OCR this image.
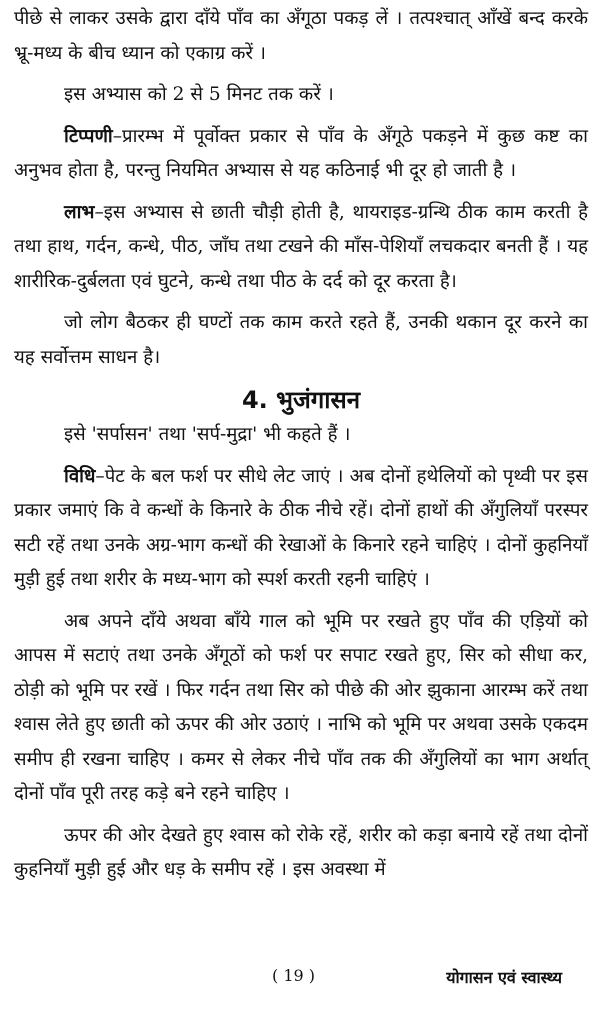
पीछे से लाकर उसके द्वारा दाँये पाँव का अँगूठा पकड़ लें । तत्पश्चात् आँखें बन्द करके भ्रू-मध्य के बीच ध्यान को एकाग्र करें ।

इस अभ्यास को 2 से 5 मिनट तक करें ।

टिप्पणी–प्रारम्भ में पूर्वोक्त प्रकार से पाँव के अँगूठे पकड़ने में कुछ कष्ट का अनुभव होता है, परन्तु नियमित अभ्यास से यह कठिनाई भी दूर हो जाती है ।

लाभ–इस अभ्यास से छाती चौड़ी होती है, थायराइड-ग्रन्थि ठीक काम करती है तथा हाथ, गर्दन, कन्धे, पीठ, जाँघ तथा टखने की माँस-पेशियाँ लचकदार बनती हैं । यह शारीरिक-दुर्बलता एवं घुटने, कन्धे तथा पीठ के दर्द को दूर करता है।

जो लोग बैठकर ही घण्टों तक काम करते रहते हैं, उनकी थकान दूर करने का यह सर्वोत्तम साधन है।

4. भुजंगासन

इसे 'सर्पासन' तथा 'सर्प-मुद्रा' भी कहते हैं ।

विधि–पेट के बल फर्श पर सीधे लेट जाएं । अब दोनों हथेलियों को पृथ्वी पर इस प्रकार जमाएं कि वे कन्धों के किनारे के ठीक नीचे रहें। दोनों हाथों की अँगुलियाँ परस्पर सटी रहें तथा उनके अग्र-भाग कन्धों की रेखाओं के किनारे रहने चाहिएं । दोनों कुहनियाँ मुड़ी हुई तथा शरीर के मध्य-भाग को स्पर्श करती रहनी चाहिएं ।

अब अपने दाँये अथवा बाँये गाल को भूमि पर रखते हुए पाँव की एड़ियों को आपस में सटाएं तथा उनके अँगूठों को फर्श पर सपाट रखते हुए, सिर को सीधा कर, ठोड़ी को भूमि पर रखें । फिर गर्दन तथा सिर को पीछे की ओर झुकाना आरम्भ करें तथा श्वास लेते हुए छाती को ऊपर की ओर उठाएं । नाभि को भूमि पर अथवा उसके एकदम समीप ही रखना चाहिए । कमर से लेकर नीचे पाँव तक की अँगुलियों का भाग अर्थात् दोनों पाँव पूरी तरह कड़े बने रहने चाहिए ।

ऊपर की ओर देखते हुए श्वास को रोके रहें, शरीर को कड़ा बनाये रहें तथा दोनों कुहनियाँ मुड़ी हुई और धड़ के समीप रहें । इस अवस्था में

( 19 )	योगासन एवं स्वास्थ्य
